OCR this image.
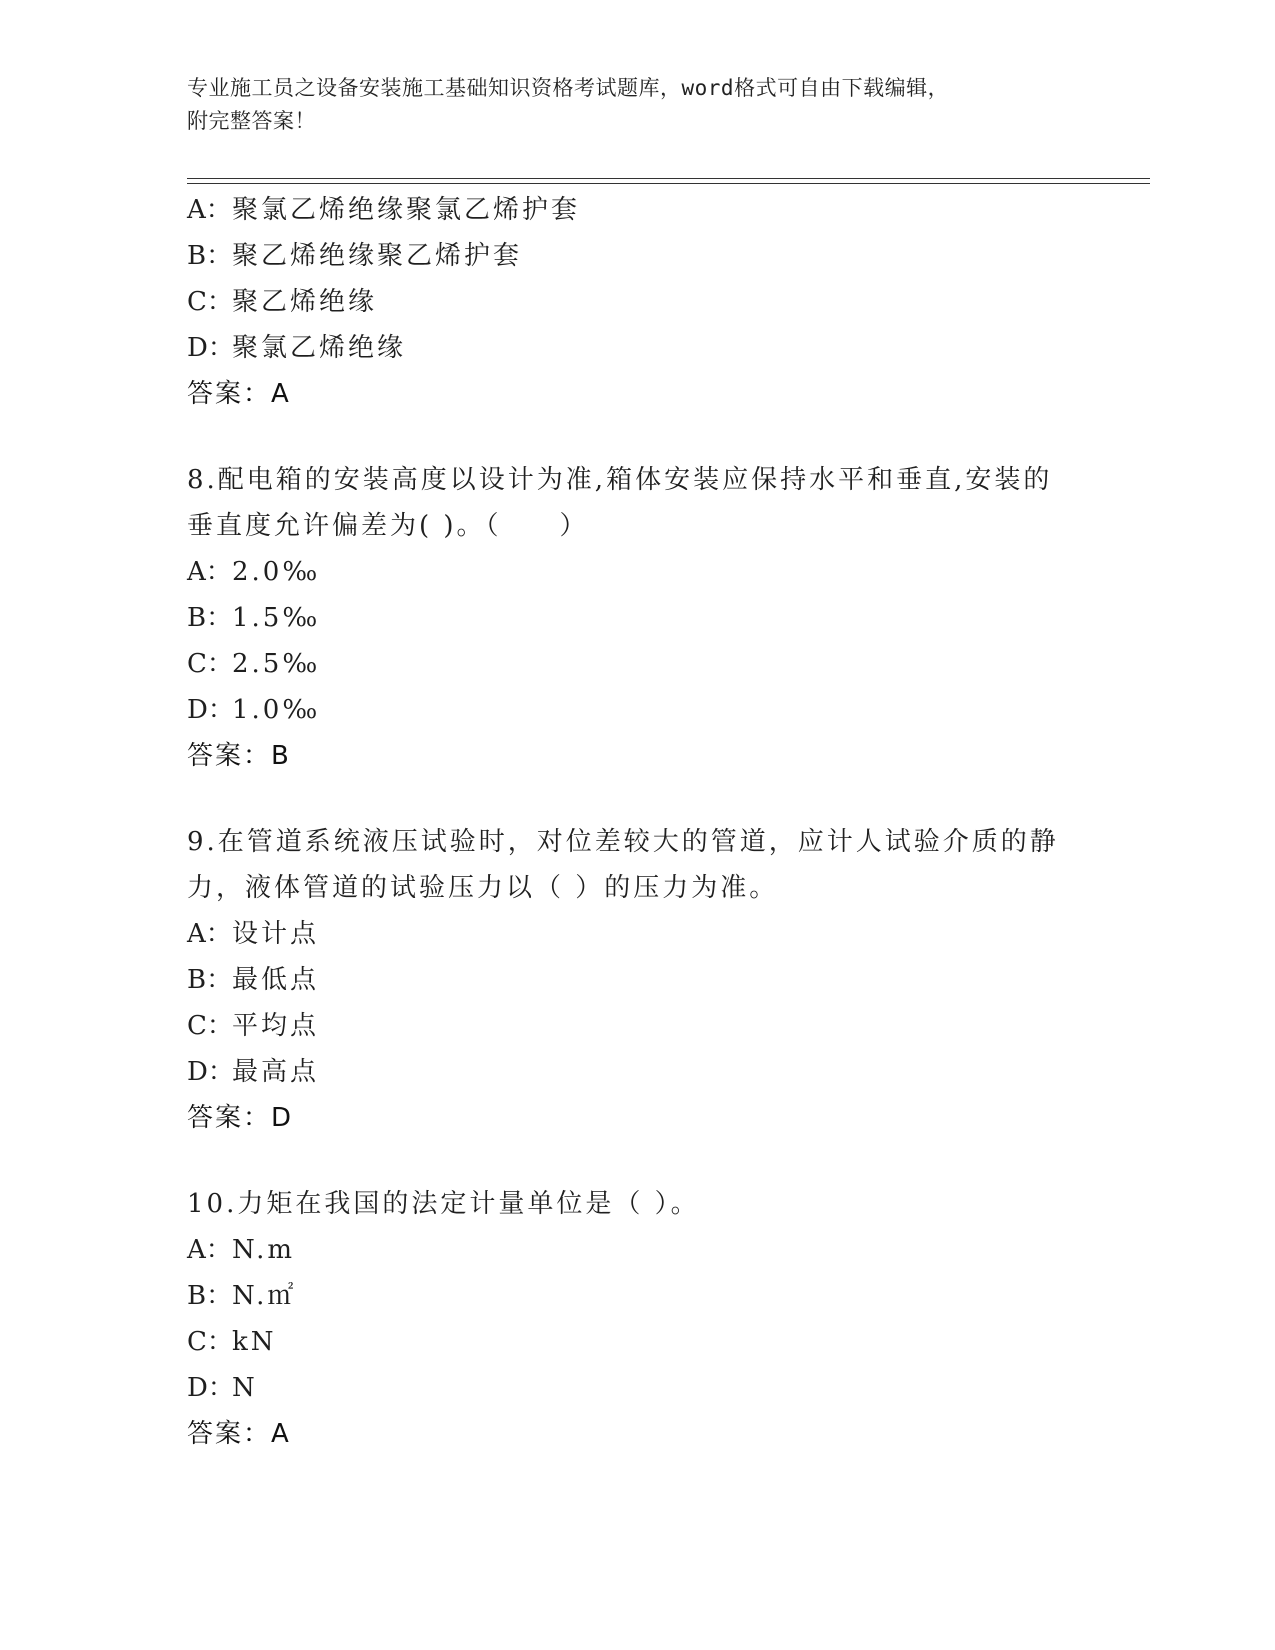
专业施工员之设备安装施工基础知识资格考试题库，word格式可自由下载编辑，
附完整答案！
A：聚氯乙烯绝缘聚氯乙烯护套
B：聚乙烯绝缘聚乙烯护套
C：聚乙烯绝缘
D：聚氯乙烯绝缘
答案：A
8.配电箱的安装高度以设计为准,箱体安装应保持水平和垂直,安装的
垂直度允许偏差为( )。（　　）
A：2.0‰
B：1.5‰
C：2.5‰
D：1.0‰
答案：B
9.在管道系统液压试验时，对位差较大的管道，应计人试验介质的静
力，液体管道的试验压力以（ ）的压力为准。
A：设计点
B：最低点
C：平均点
D：最高点
答案：D
10.力矩在我国的法定计量单位是（ ）。
A：N.m
B：N.㎡
C：kN
D：N
答案：A
